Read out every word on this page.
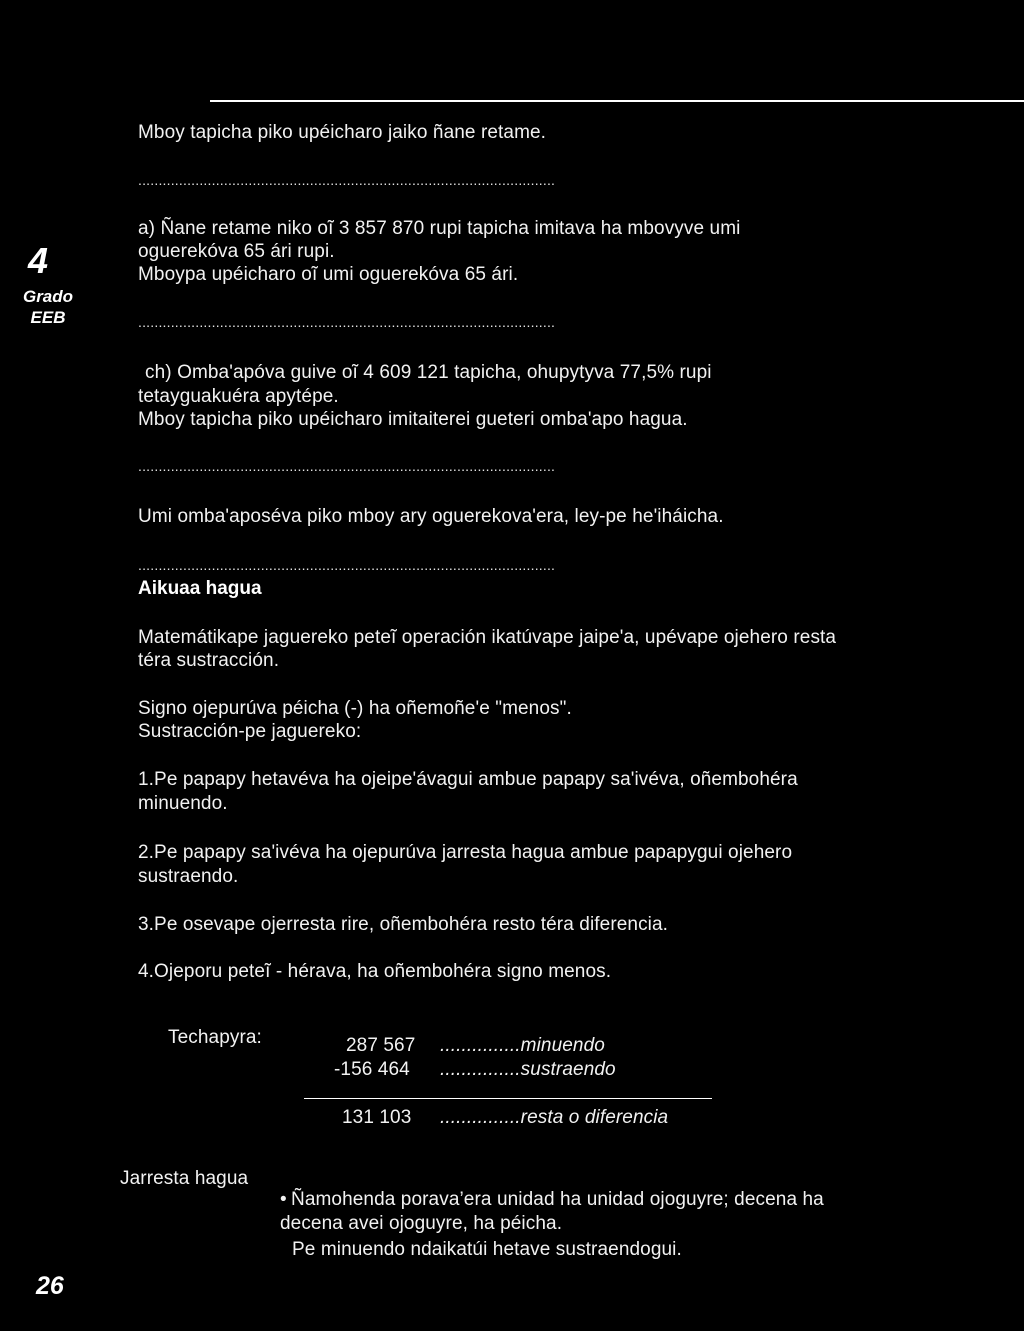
4
Grado
EEB
26
Mboy tapicha piko upéicharo jaiko ñane retame.
......................................................................................................
a) Ñane retame niko oĩ 3 857 870 rupi tapicha imitava ha mbovyve umi
oguerekóva 65 ári rupi.
Mboypa upéicharo oĩ umi oguerekóva 65 ári.
......................................................................................................
ch) Omba'apóva guive oĩ 4 609 121 tapicha, ohupytyva 77,5% rupi
tetayguakuéra apytépe.
Mboy tapicha piko upéicharo imitaiterei gueteri omba'apo hagua.
......................................................................................................
Umi omba'aposéva piko mboy ary oguerekova'era, ley-pe he'iháicha.
......................................................................................................
Aikuaa hagua
Matemátikape jaguereko peteĩ operación ikatúvape jaipe'a, upévape ojehero resta
téra sustracción.
Signo ojepurúva péicha (-) ha oñemoñe'e "menos".
Sustracción-pe jaguereko:
1.Pe papapy hetavéva ha ojeipe'ávagui ambue papapy sa'ivéva, oñembohéra
minuendo.
2.Pe papapy sa'ivéva ha ojepurúva jarresta hagua ambue papapygui ojehero
sustraendo.
3.Pe osevape ojerresta rire, oñembohéra resto téra diferencia.
4.Ojeporu peteĩ - hérava, ha oñembohéra signo menos.
Techapyra:	287 567 ...............minuendo
-156 464 ...............sustraendo
131 103 ...............resta o diferencia
Jarresta hagua
• Ñamohenda porava’era unidad ha unidad ojoguyre; decena ha
decena avei ojoguyre, ha péicha.
Pe minuendo ndaikatúi hetave sustraendogui.
